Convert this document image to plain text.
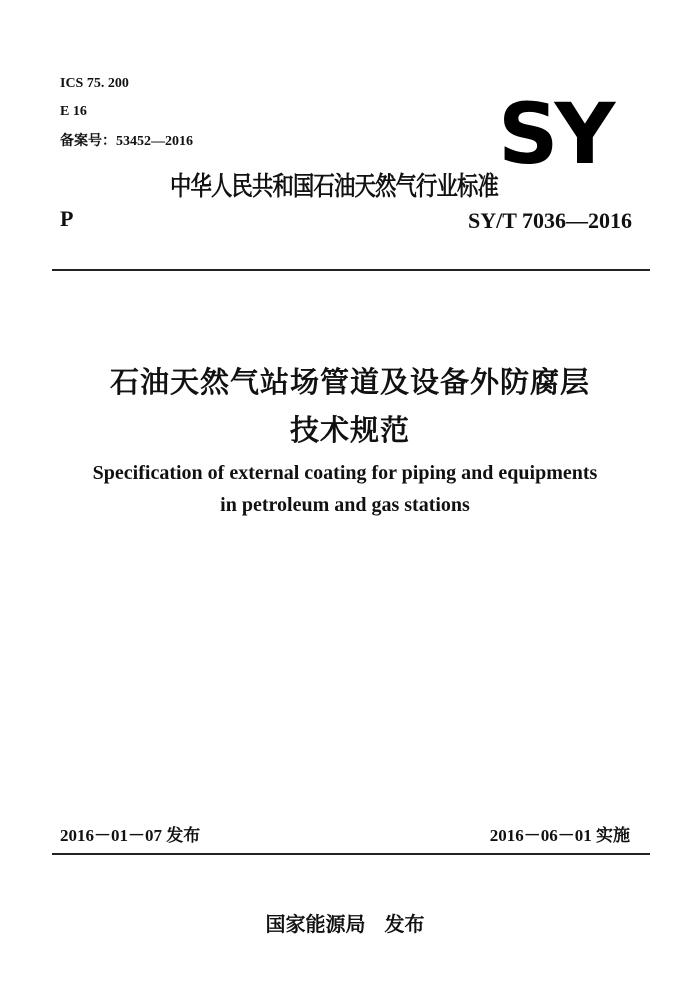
ICS 75. 200
E 16
备案号：53452—2016	SY
中华人民共和国石油天然气行业标准
P	SY/T 7036—2016
石油天然气站场管道及设备外防腐层
技术规范
Specification of external coating for piping and equipments
in petroleum and gas stations
2016－01－07 发布	2016－06－01 实施
国家能源局 发布
